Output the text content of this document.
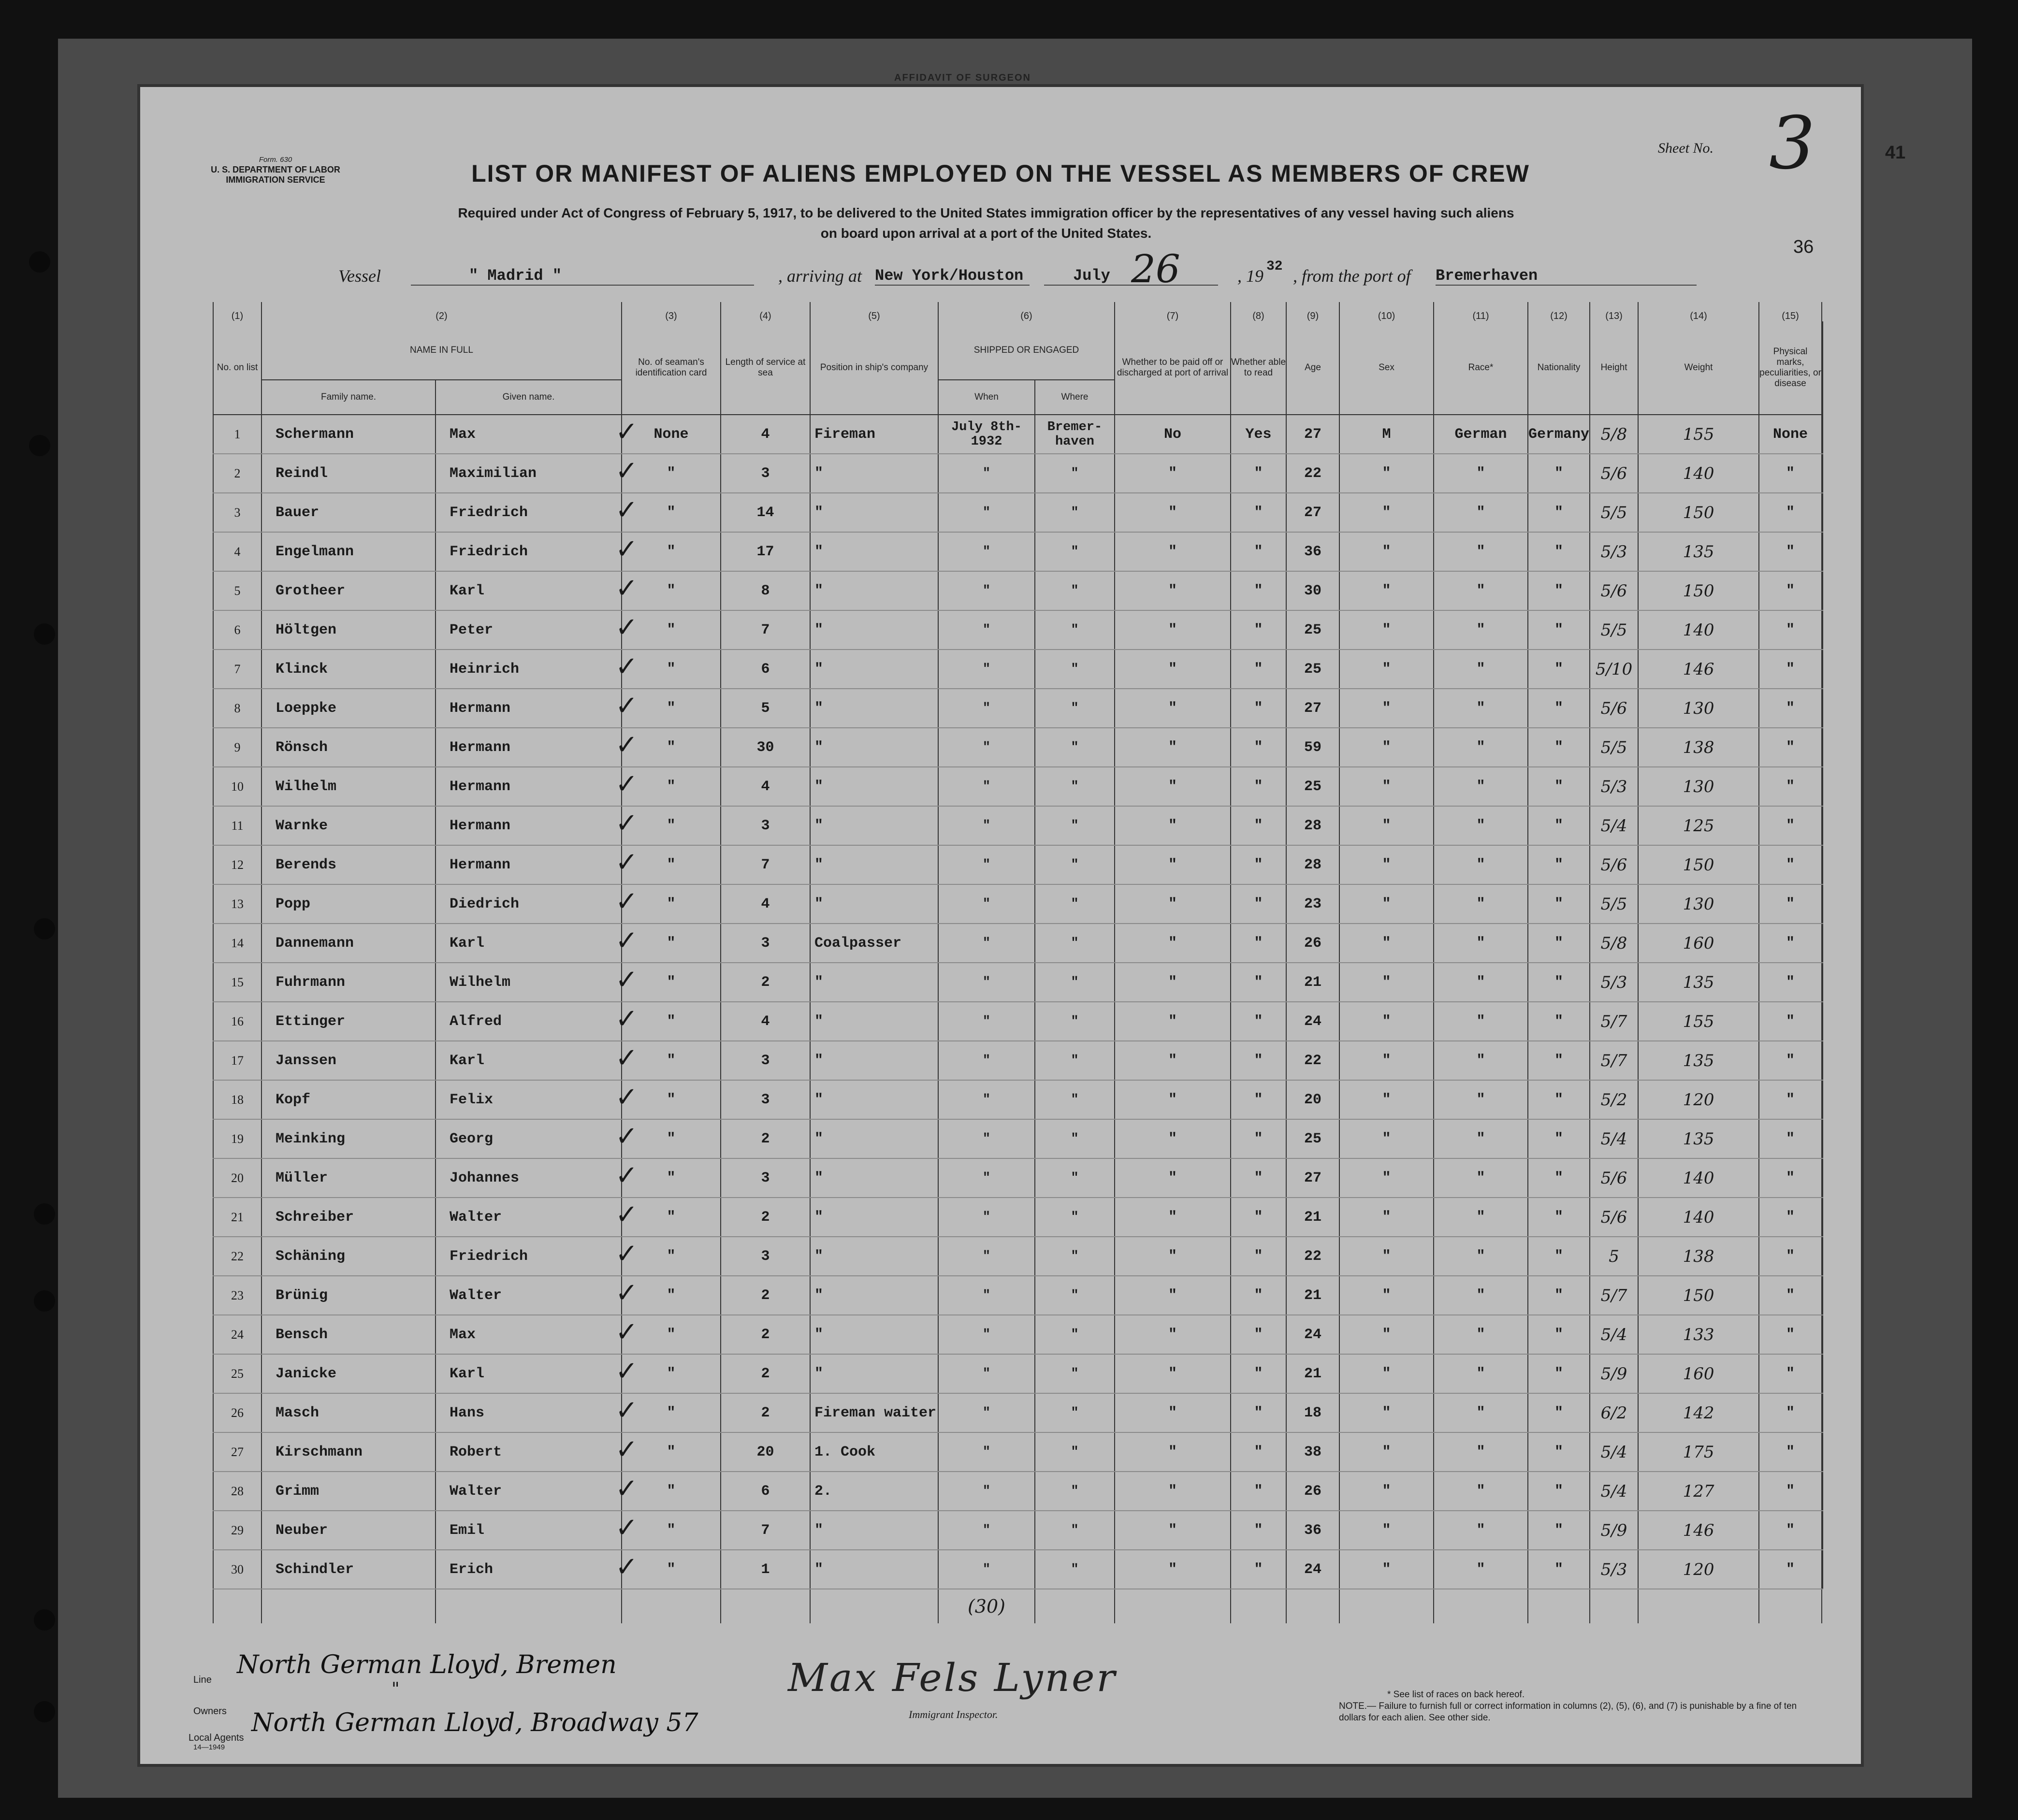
AFFIDAVIT OF SURGEON
Form. 630
U. S. DEPARTMENT OF LABOR
IMMIGRATION SERVICE	LIST OR MANIFEST OF ALIENS EMPLOYED ON THE VESSEL AS MEMBERS OF CREW
Required under Act of Congress of February 5, 1917, to be delivered to the United States immigration officer by the representatives of any vessel having such aliens
on board upon arrival at a port of the United States.
Sheet No. 3	41
36
Vessel	" Madrid "	, arriving at New York/Houston	July 26	, 19 32 , from the port of Bremerhaven
(1)	(2)		(3)	(4)	(5)	(6)		(7)	(8)	(9)	(10)	(11)	(12)	(13)	(14)	(15)	
No. on list	NAME IN FULL		No. of seaman's identification card	Length of service at sea	Position in ship's company	SHIPPED OR ENGAGED		Whether to be paid off or discharged at port of arrival	Whether able to read	Age	Sex	Race*	Nationality	Height	Weight	Physical marks, peculiarities, or disease	
	Family name.	Given name.				When	Where										
1	Schermann	Max	✓ None	4	Fireman	July 8th-1932	Bremer-haven	No	Yes	27	M	German	Germany	5/8	155	None	
2	Reindl	Maximilian	✓ "	3	"	"	"	"	"	22	"	"	"	5/6	140	"	
3	Bauer	Friedrich	✓ "	14	"	"	"	"	"	27	"	"	"	5/5	150	"	
4	Engelmann	Friedrich	✓ "	17	"	"	"	"	"	36	"	"	"	5/3	135	"	
5	Grotheer	Karl	✓ "	8	"	"	"	"	"	30	"	"	"	5/6	150	"	
6	Höltgen	Peter	✓ "	7	"	"	"	"	"	25	"	"	"	5/5	140	"	
7	Klinck	Heinrich	✓ "	6	"	"	"	"	"	25	"	"	"	5/10	146	"	
8	Loeppke	Hermann	✓ "	5	"	"	"	"	"	27	"	"	"	5/6	130	"	
9	Rönsch	Hermann	✓ "	30	"	"	"	"	"	59	"	"	"	5/5	138	"	
10	Wilhelm	Hermann	✓ "	4	"	"	"	"	"	25	"	"	"	5/3	130	"	
11	Warnke	Hermann	✓ "	3	"	"	"	"	"	28	"	"	"	5/4	125	"	
12	Berends	Hermann	✓ "	7	"	"	"	"	"	28	"	"	"	5/6	150	"	
13	Popp	Diedrich	✓ "	4	"	"	"	"	"	23	"	"	"	5/5	130	"	
14	Dannemann	Karl	✓ "	3	Coalpasser	"	"	"	"	26	"	"	"	5/8	160	"	
15	Fuhrmann	Wilhelm	✓ "	2	"	"	"	"	"	21	"	"	"	5/3	135	"	
16	Ettinger	Alfred	✓ "	4	"	"	"	"	"	24	"	"	"	5/7	155	"	
17	Janssen	Karl	✓ "	3	"	"	"	"	"	22	"	"	"	5/7	135	"	
18	Kopf	Felix	✓ "	3	"	"	"	"	"	20	"	"	"	5/2	120	"	
19	Meinking	Georg	✓ "	2	"	"	"	"	"	25	"	"	"	5/4	135	"	
20	Müller	Johannes	✓ "	3	"	"	"	"	"	27	"	"	"	5/6	140	"	
21	Schreiber	Walter	✓ "	2	"	"	"	"	"	21	"	"	"	5/6	140	"	
22	Schäning	Friedrich	✓ "	3	"	"	"	"	"	22	"	"	"	5	138	"	
23	Brünig	Walter	✓ "	2	"	"	"	"	"	21	"	"	"	5/7	150	"	
24	Bensch	Max	✓ "	2	"	"	"	"	"	24	"	"	"	5/4	133	"	
25	Janicke	Karl	✓ "	2	"	"	"	"	"	21	"	"	"	5/9	160	"	
26	Masch	Hans	✓ "	2	Fireman waiter	"	"	"	"	18	"	"	"	6/2	142	"	
27	Kirschmann	Robert	✓ "	20	1. Cook	"	"	"	"	38	"	"	"	5/4	175	"	
28	Grimm	Walter	✓ "	6	2.	"	"	"	"	26	"	"	"	5/4	127	"	
29	Neuber	Emil	✓ "	7	"	"	"	"	"	36	"	"	"	5/9	146	"	
30	Schindler	Erich	✓ "	1	"	"	"	"	"	24	"	"	"	5/3	120	"	
						(30)											
Line
North German Lloyd, Bremen
Owners
"
Local Agents
14—1949
North German Lloyd, Broadway 57
Max Fels Lyner
Immigrant Inspector.
* See list of races on back hereof.
NOTE.— Failure to furnish full or correct information in columns (2), (5), (6), and (7) is punishable by a fine of ten dollars for each alien. See other side.
